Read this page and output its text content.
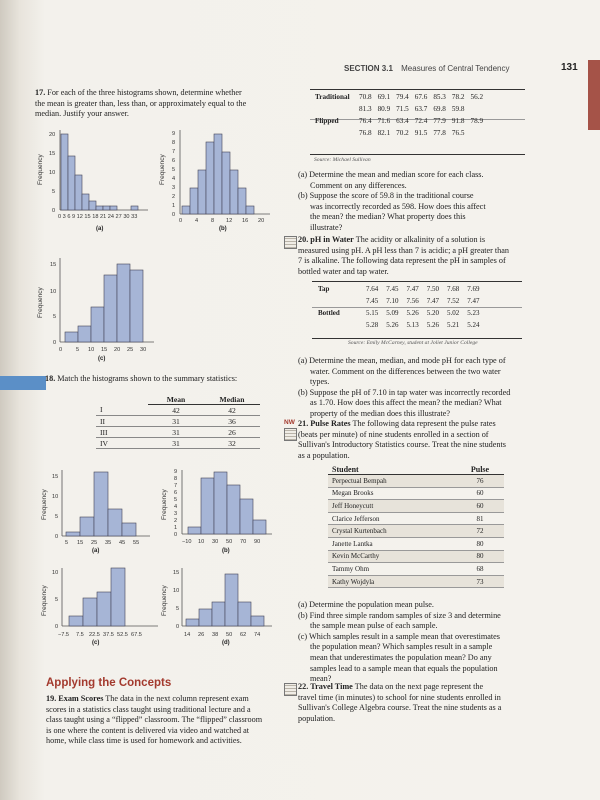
SECTION 3.1 Measures of Central Tendency	131
17. For each of the three histograms shown, determine whether
the mean is greater than, less than, or approximately equal to the
median. Justify your answer.
Frequency
20
15
10
5
0
0 3 6 9 12 15 18 21 24 27 30 33
(a)
Frequency
9
8
7
6
5
4
3
2
1
0
0 4 8 12 16 20
(b)
Frequency
15
10
5
0
0 5 10 15 20 25 30
(c)
18. Match the histograms shown to the summary statistics:
	Mean	Median
I	42	42
II	31	36
III	31	26
IV	31	32
Frequency
15
10
5
0
5 15 25 35 45 55
(a)
Frequency
9
8
7
6
5
4
3
2
1
0
−10 10 30 50 70 90
(b)
Frequency
10
5
0
−7.5 7.5 22.5 37.5 52.5 67.5
(c)
Frequency
15
10
5
0
14 26 38 50 62 74
(d)
Applying the Concepts
19. Exam Scores The data in the next column represent exam
scores in a statistics class taught using traditional lecture and a
class taught using a “flipped” classroom. The “flipped” classroom
is one where the content is delivered via video and watched at
home, while class time is used for homework and activities.
Traditional	70.8	69.1	79.4	67.6	85.3	78.2	56.2
	81.3	80.9	71.5	63.7	69.8	59.8	
Flipped	76.4	71.6	63.4	72.4	77.9	91.8	78.9
	76.8	82.1	70.2	91.5	77.8	76.5	
Source: Michael Sullivan
(a) Determine the mean and median score for each class.
Comment on any differences.
(b) Suppose the score of 59.8 in the traditional course
was incorrectly recorded as 598. How does this affect
the mean? the median? What property does this
illustrate?
20. pH in Water The acidity or alkalinity of a solution is
measured using pH. A pH less than 7 is acidic; a pH greater than
7 is alkaline. The following data represent the pH in samples of
bottled water and tap water.
Tap	7.64	7.45	7.47	7.50	7.68	7.69
	7.45	7.10	7.56	7.47	7.52	7.47
Bottled	5.15	5.09	5.26	5.20	5.02	5.23
	5.28	5.26	5.13	5.26	5.21	5.24
Source: Emily McCarney, student at Joliet Junior College
(a) Determine the mean, median, and mode pH for each type of
water. Comment on the differences between the two water
types.
(b) Suppose the pH of 7.10 in tap water was incorrectly recorded
as 1.70. How does this affect the mean? the median? What
property of the median does this illustrate?
NW 21. Pulse Rates The following data represent the pulse rates
(beats per minute) of nine students enrolled in a section of
Sullivan's Introductory Statistics course. Treat the nine students
as a population.
Student	Pulse
Perpectual Bempah	76
Megan Brooks	60
Jeff Honeycutt	60
Clarice Jefferson	81
Crystal Kurtenbach	72
Janette Lantka	80
Kevin McCarthy	80
Tammy Ohm	68
Kathy Wojdyla	73
(a) Determine the population mean pulse.
(b) Find three simple random samples of size 3 and determine
the sample mean pulse of each sample.
(c) Which samples result in a sample mean that overestimates
the population mean? Which samples result in a sample
mean that underestimates the population mean? Do any
samples lead to a sample mean that equals the population
mean?
22. Travel Time The data on the next page represent the
travel time (in minutes) to school for nine students enrolled in
Sullivan's College Algebra course. Treat the nine students as a
population.
